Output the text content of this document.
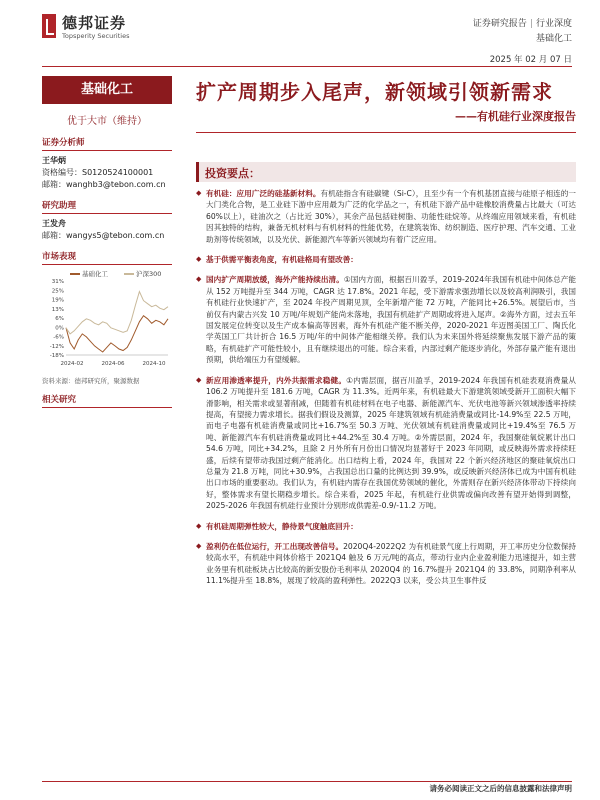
德邦证券
Topsperity Securities
证券研究报告 | 行业深度
基础化工
2025 年 02 月 07 日
基础化工
优于大市（维持）
证券分析师
王华炳
资格编号：S0120524100001
邮箱：wanghb3@tebon.com.cn
研究助理
王发舟
邮箱：wangys5@tebon.com.cn
市场表现
基础化工	沪深300
31%
25%
19%
13%
6%
0%
-6%
-12%
-18%
2024-02	2024-06	2024-10
资料来源：德邦研究所，聚源数据
相关研究
扩产周期步入尾声，新领域引领新需求
——有机硅行业深度报告
投资要点：

◆ 有机硅：应用广泛的硅基新材料。有机硅指含有硅碳键（Si-C），且至少有一个有机基团直接与硅原子相连的一大门类化合物，是工业硅下游中应用最为广泛的化学品之一，有机硅下游产品中硅橡胶消费量占比最大（可达 60%以上），硅油次之（占比近 30%），其余产品包括硅树脂、功能性硅烷等。从终端应用领域来看，有机硅因其独特的结构，兼备无机材料与有机材料的性能优势，在建筑装饰、纺织制造、医疗护理、汽车交通、工业助剂等传统领域，以及光伏、新能源汽车等新兴领域均有着广泛应用。

◆ 基于供需平衡表角度，有机硅格局有望改善：

◆ 国内扩产周期放缓，海外产能持续出清。①国内方面，根据百川盈孚，2019-2024年我国有机硅中间体总产能从 152 万吨提升至 344 万吨，CAGR 达 17.8%。2021 年起，受下游需求强劲增长以及较高利润吸引，我国有机硅行业快速扩产，至 2024 年投产周期见顶，全年新增产能 72 万吨，产能同比+26.5%。展望后市，当前仅有内蒙古兴发 10 万吨/年规划产能尚未落地，我国有机硅扩产周期或将进入尾声。②海外方面，过去五年国发展定位转变以及生产成本偏高等因素，海外有机硅产能不断关停，2020-2021 年迈图美国工厂、陶氏化学英国工厂共计折合 16.5 万吨/年的中间体产能相继关停。我们认为未来国外将延续聚焦发展下游产品的策略，有机硅扩产可能性较小，且有继续退出的可能。综合来看，内部过剩产能逐步消化，外部存量产能有退出预期，供给端压力有望缓解。

◆ 新应用渗透率提升，内外共振需求稳健。①内需层面，据百川盈孚，2019-2024 年我国有机硅表观消费量从 106.2 万吨提升至 181.6 万吨，CAGR 为 11.3%。近两年来，有机硅最大下游建筑领域受新开工面积大幅下滑影响，相关需求或显著削减，但随着有机硅材料在电子电器、新能源汽车、光伏电池等新兴领域渗透率持续提高，有望接力需求增长。据我们假设及测算，2025 年建筑领域有机硅消费量或同比-14.9%至 22.5 万吨，而电子电器有机硅消费量或同比+16.7%至 50.3 万吨、光伏领域有机硅消费量或同比+19.4%至 76.5 万吨、新能源汽车有机硅消费量或同比+44.2%至 30.4 万吨。②外需层面，2024 年，我国聚硅氧烷累计出口 54.6 万吨，同比+34.2%，且除 2 月外所有月份出口情况均显著好于 2023 年同期，或反映海外需求持续旺盛，后续有望带动我国过剩产能消化。出口结构上看，2024 年，我国对 22 个新兴经济地区的聚硅氧烷出口总量为 21.8 万吨，同比+30.9%，占我国总出口量的比例达到 39.9%，或反映新兴经济体已成为中国有机硅出口市场的重要驱动。我们认为，有机硅内需存在我国优势领域的催化，外需则存在新兴经济体带动下持续向好，整体需求有望长期稳步增长。综合来看，2025 年起，有机硅行业供需或偏向改善有望开始得到调整，2025-2026 年我国有机硅行业预计分别形成供需差-0.9/-11.2 万吨。

◆ 有机硅周期弹性较大，静待景气度触底回升：

◆ 盈利仍在低位运行，开工出现改善信号。2020Q4-2022Q2 为有机硅景气度上行周期，开工率历史分位数保持较高水平，有机硅中间体价格于 2021Q4 触及 6 万元/吨的高点，带动行业内企业盈利能力迅速提升，如主营业务里有机硅板块占比较高的新安股份毛利率从 2020Q4 的 16.7%提升 2021Q4 的 33.8%，同期净利率从 11.1%提升至 18.8%，展现了较高的盈利弹性。2022Q3 以来，受公共卫生事件反

请务必阅读正文之后的信息披露和法律声明
